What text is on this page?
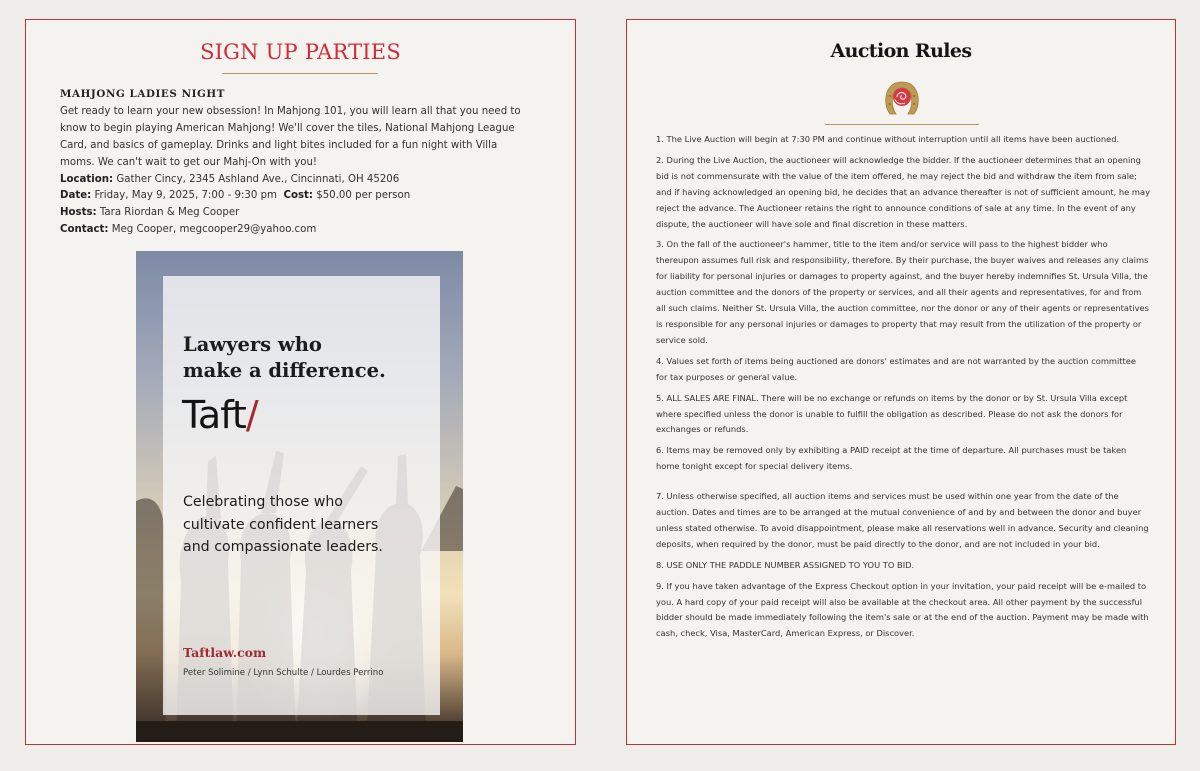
SIGN UP PARTIES
MAHJONG LADIES NIGHT

Get ready to learn your new obsession! In Mahjong 101, you will learn all that you need to know to begin playing American Mahjong! We'll cover the tiles, National Mahjong League Card, and basics of gameplay. Drinks and light bites included for a fun night with Villa moms. We can't wait to get our Mahj-On with you!

Location: Gather Cincy, 2345 Ashland Ave., Cincinnati, OH 45206

Date: Friday, May 9, 2025, 7:00 - 9:30 pm Cost: $50.00 per person

Hosts: Tara Riordan & Meg Cooper

Contact: Meg Cooper, megcooper29@yahoo.com

Lawyers who
make a difference.
Taft/
Celebrating those who
cultivate confident learners
and compassionate leaders.
Taftlaw.com
Peter Solimine / Lynn Schulte / Lourdes Perrino
Auction Rules

1. The Live Auction will begin at 7:30 PM and continue without interruption until all items have been auctioned.

2. During the Live Auction, the auctioneer will acknowledge the bidder. If the auctioneer determines that an opening bid is not commensurate with the value of the item offered, he may reject the bid and withdraw the item from sale; and if having acknowledged an opening bid, he decides that an advance thereafter is not of sufficient amount, he may reject the advance. The Auctioneer retains the right to announce conditions of sale at any time. In the event of any dispute, the auctioneer will have sole and final discretion in these matters.

3. On the fall of the auctioneer's hammer, title to the item and/or service will pass to the highest bidder who thereupon assumes full risk and responsibility, therefore. By their purchase, the buyer waives and releases any claims for liability for personal injuries or damages to property against, and the buyer hereby indemnifies St. Ursula Villa, the auction committee and the donors of the property or services, and all their agents and representatives, for and from all such claims. Neither St. Ursula Villa, the auction committee, nor the donor or any of their agents or representatives is responsible for any personal injuries or damages to property that may result from the utilization of the property or service sold.

4. Values set forth of items being auctioned are donors' estimates and are not warranted by the auction committee for tax purposes or general value.

5. ALL SALES ARE FINAL. There will be no exchange or refunds on items by the donor or by St. Ursula Villa except where specified unless the donor is unable to fulfill the obligation as described. Please do not ask the donors for exchanges or refunds.

6. Items may be removed only by exhibiting a PAID receipt at the time of departure. All purchases must be taken home tonight except for special delivery items.

7. Unless otherwise specified, all auction items and services must be used within one year from the date of the auction. Dates and times are to be arranged at the mutual convenience of and by and between the donor and buyer unless stated otherwise. To avoid disappointment, please make all reservations well in advance. Security and cleaning deposits, when required by the donor, must be paid directly to the donor, and are not included in your bid.

8. USE ONLY THE PADDLE NUMBER ASSIGNED TO YOU TO BID.

9. If you have taken advantage of the Express Checkout option in your invitation, your paid receipt will be e-mailed to you. A hard copy of your paid receipt will also be available at the checkout area. All other payment by the successful bidder should be made immediately following the item's sale or at the end of the auction. Payment may be made with cash, check, Visa, MasterCard, American Express, or Discover.
